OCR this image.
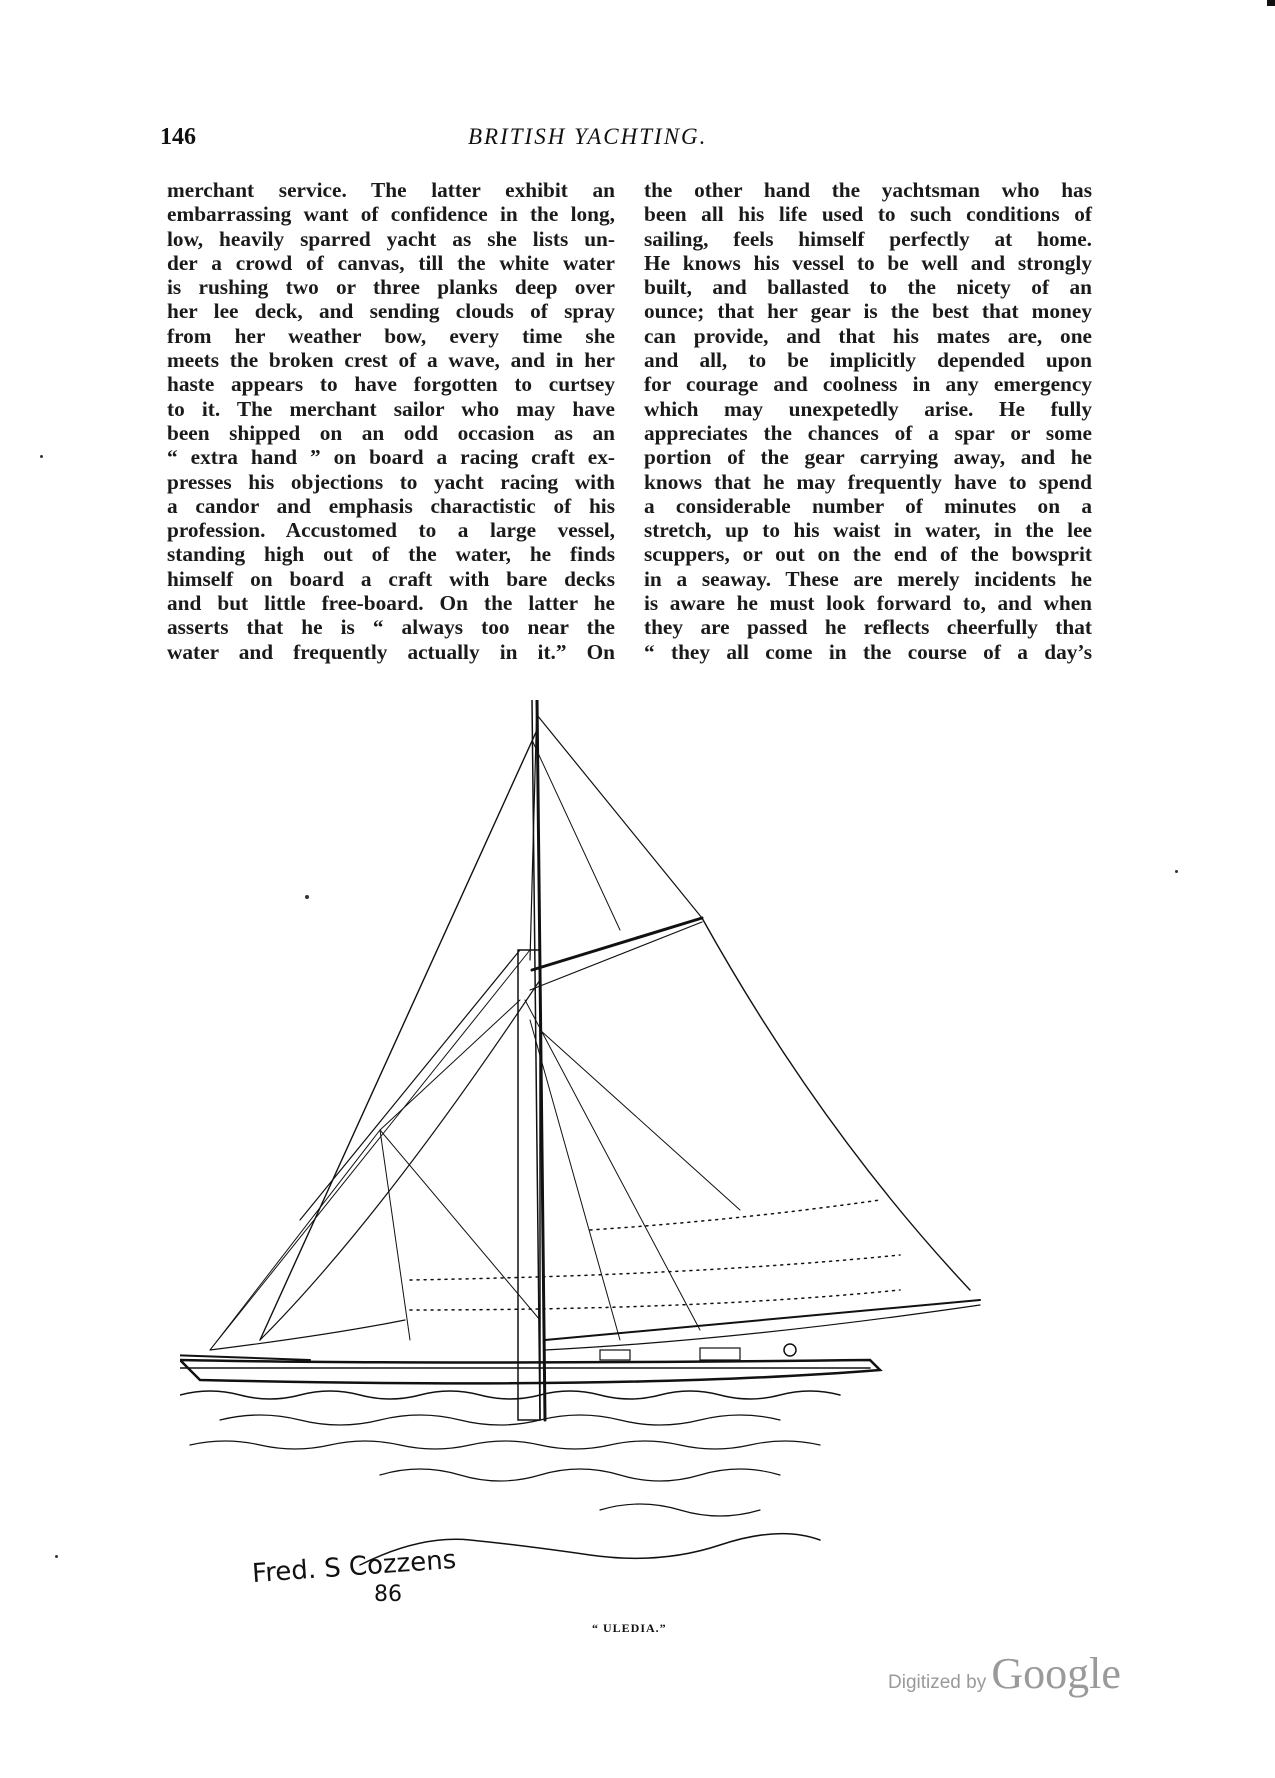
146	BRITISH YACHTING.
merchant service. The latter exhibit an
embarrassing want of confidence in the long,
low, heavily sparred yacht as she lists un-
der a crowd of canvas, till the white water
is rushing two or three planks deep over
her lee deck, and sending clouds of spray
from her weather bow, every time she
meets the broken crest of a wave, and in her
haste appears to have forgotten to curtsey
to it. The merchant sailor who may have
been shipped on an odd occasion as an
“ extra hand ” on board a racing craft ex-
presses his objections to yacht racing with
a candor and emphasis charactistic of his
profession. Accustomed to a large vessel,
standing high out of the water, he finds
himself on board a craft with bare decks
and but little free-board. On the latter he
asserts that he is “ always too near the
water and frequently actually in it.” On
the other hand the yachtsman who has
been all his life used to such conditions of
sailing, feels himself perfectly at home.
He knows his vessel to be well and strongly
built, and ballasted to the nicety of an
ounce; that her gear is the best that money
can provide, and that his mates are, one
and all, to be implicitly depended upon
for courage and coolness in any emergency
which may unexpetedly arise. He fully
appreciates the chances of a spar or some
portion of the gear carrying away, and he
knows that he may frequently have to spend
a considerable number of minutes on a
stretch, up to his waist in water, in the lee
scuppers, or out on the end of the bowsprit
in a seaway. These are merely incidents he
is aware he must look forward to, and when
they are passed he reflects cheerfully that
“ they all come in the course of a day’s
Fred. S Cozzens
86
“ ULEDIA.”
Digitized by Google
